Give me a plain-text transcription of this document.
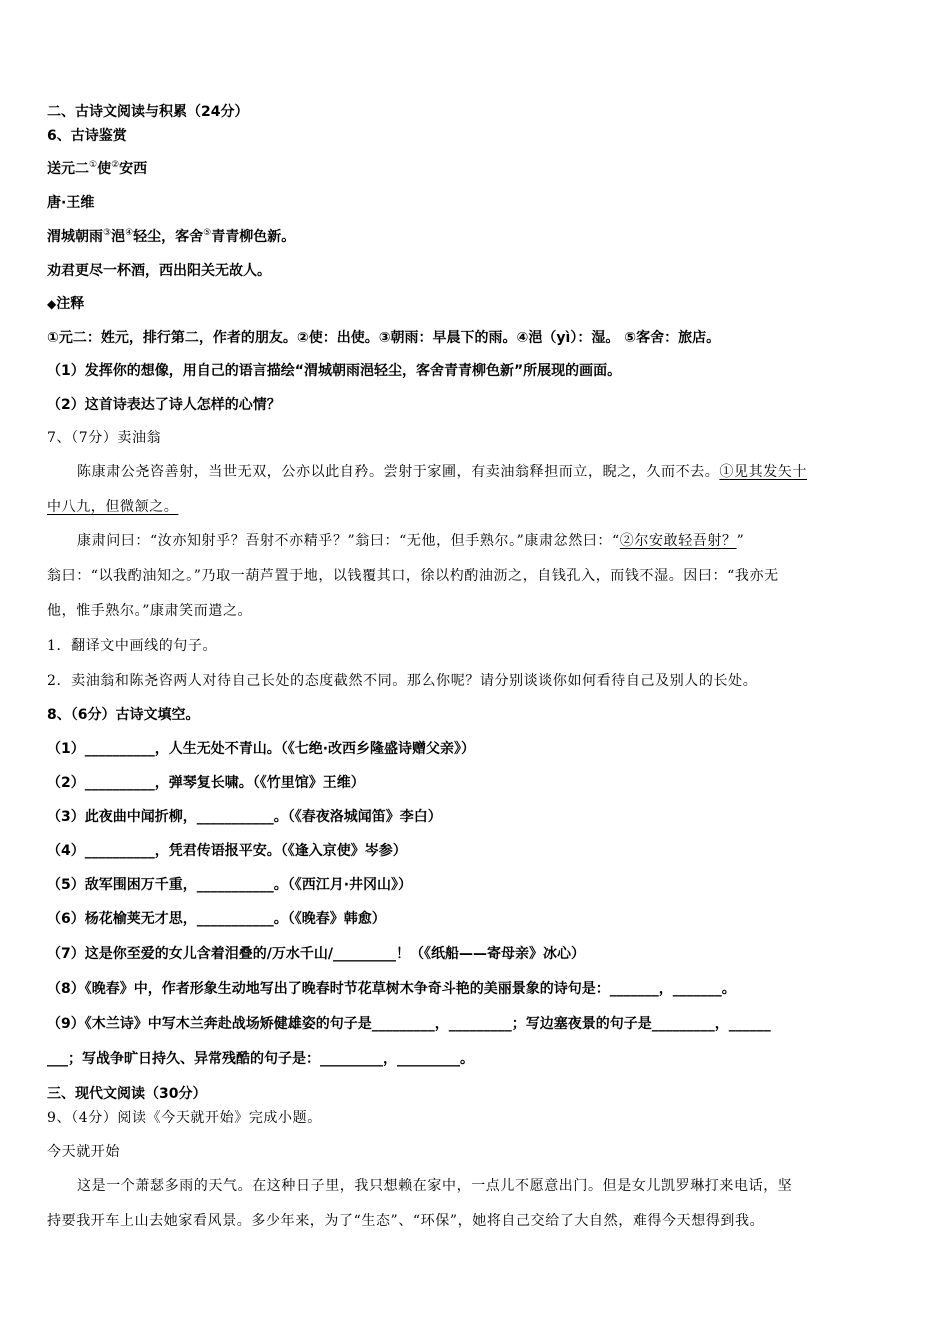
二、古诗文阅读与积累（24分）
6、古诗鉴赏
送元二①使②安西
唐·王维
渭城朝雨③浥④轻尘，客舍⑤青青柳色新。
劝君更尽一杯酒，西出阳关无故人。
◆注释
①元二：姓元，排行第二，作者的朋友。②使：出使。③朝雨：早晨下的雨。④浥（yì）：湿。 ⑤客舍：旅店。
（1）发挥你的想像，用自己的语言描绘“渭城朝雨浥轻尘，客舍青青柳色新”所展现的画面。
（2）这首诗表达了诗人怎样的心情？
7、（7分）卖油翁
陈康肃公尧咨善射，当世无双，公亦以此自矜。尝射于家圃，有卖油翁释担而立，睨之，久而不去。①见其发矢十
中八九，但微颔之。
康肃问曰：“汝亦知射乎？吾射不亦精乎？”翁曰：“无他，但手熟尔。”康肃忿然曰：“②尔安敢轻吾射？”
翁曰：“以我酌油知之。”乃取一葫芦置于地，以钱覆其口，徐以杓酌油沥之，自钱孔入，而钱不湿。因曰：“我亦无
他，惟手熟尔。”康肃笑而遣之。
1．翻译文中画线的句子。
2．卖油翁和陈尧咨两人对待自己长处的态度截然不同。那么你呢？请分别谈谈你如何看待自己及别人的长处。
8、（6分）古诗文填空。
（1）__________，人生无处不青山。（《七绝·改西乡隆盛诗赠父亲》）
（2）__________，弹琴复长啸。（《竹里馆》王维）
（3）此夜曲中闻折柳，___________。（《春夜洛城闻笛》李白）
（4）__________，凭君传语报平安。（《逢入京使》岑参）
（5）敌军围困万千重，___________。（《西江月·井冈山》）
（6）杨花榆荚无才思，___________。（《晚春》韩愈）
（7）这是你至爱的女儿含着泪叠的/万水千山/_________！（《纸船——寄母亲》冰心）
（8）《晚春》中，作者形象生动地写出了晚春时节花草树木争奇斗艳的美丽景象的诗句是：_______，_______。
（9）《木兰诗》中写木兰奔赴战场矫健雄姿的句子是_________，_________；写边塞夜景的句子是_________，______
___；写战争旷日持久、异常残酷的句子是：_________，_________。
三、现代文阅读（30分）
9、（4分）阅读《今天就开始》完成小题。
今天就开始
这是一个萧瑟多雨的天气。在这种日子里，我只想赖在家中，一点儿不愿意出门。但是女儿凯罗琳打来电话，坚
持要我开车上山去她家看风景。多少年来，为了“生态”、“环保”，她将自己交给了大自然，难得今天想得到我。
